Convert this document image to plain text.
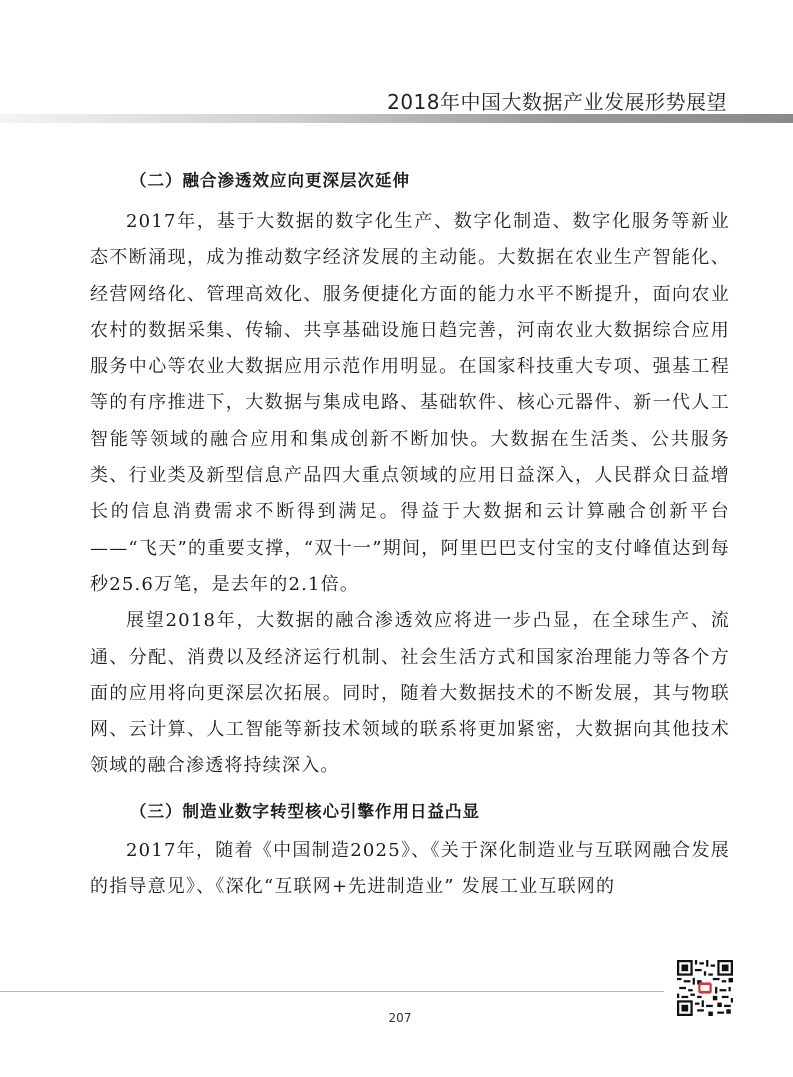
2018年中国大数据产业发展形势展望
（二）融合渗透效应向更深层次延伸

2017年，基于大数据的数字化生产、数字化制造、数字化服务等新业态不断涌现，成为推动数字经济发展的主动能。大数据在农业生产智能化、经营网络化、管理高效化、服务便捷化方面的能力水平不断提升，面向农业农村的数据采集、传输、共享基础设施日趋完善，河南农业大数据综合应用服务中心等农业大数据应用示范作用明显。在国家科技重大专项、强基工程等的有序推进下，大数据与集成电路、基础软件、核心元器件、新一代人工智能等领域的融合应用和集成创新不断加快。大数据在生活类、公共服务类、行业类及新型信息产品四大重点领域的应用日益深入，人民群众日益增长的信息消费需求不断得到满足。得益于大数据和云计算融合创新平台——“飞天”的重要支撑，“双十一”期间，阿里巴巴支付宝的支付峰值达到每秒25.6万笔，是去年的2.1倍。

展望2018年，大数据的融合渗透效应将进一步凸显，在全球生产、流通、分配、消费以及经济运行机制、社会生活方式和国家治理能力等各个方面的应用将向更深层次拓展。同时，随着大数据技术的不断发展，其与物联网、云计算、人工智能等新技术领域的联系将更加紧密，大数据向其他技术领域的融合渗透将持续深入。

（三）制造业数字转型核心引擎作用日益凸显

2017年，随着《中国制造2025》、《关于深化制造业与互联网融合发展的指导意见》、《深化“互联网+先进制造业” 发展工业互联网的

207
